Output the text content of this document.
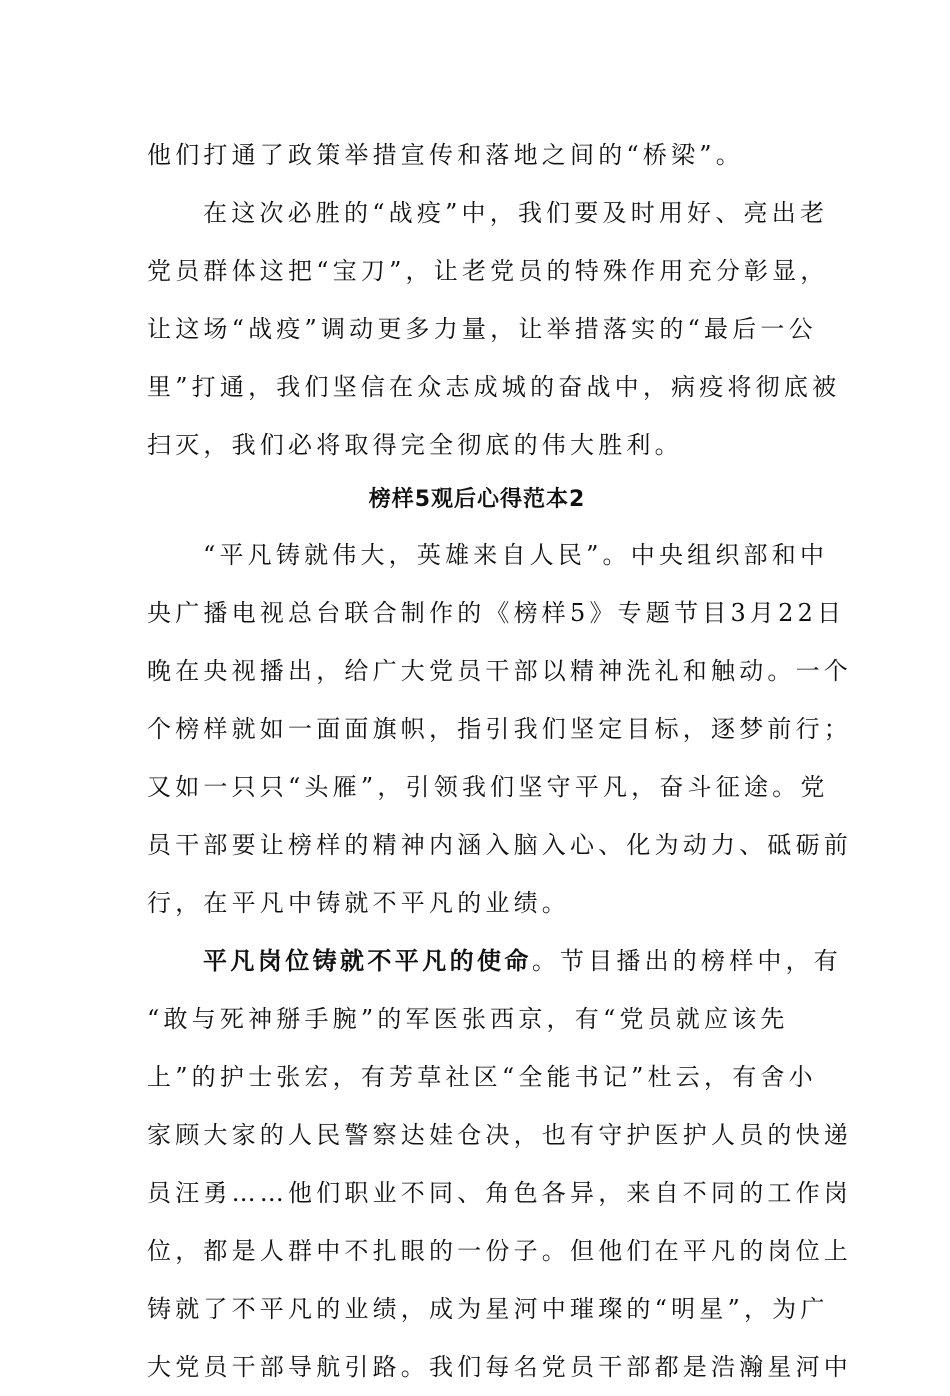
他们打通了政策举措宣传和落地之间的“桥梁”。
在这次必胜的“战疫”中，我们要及时用好、亮出老
党员群体这把“宝刀”，让老党员的特殊作用充分彰显，
让这场“战疫”调动更多力量，让举措落实的“最后一公
里”打通，我们坚信在众志成城的奋战中，病疫将彻底被
扫灭，我们必将取得完全彻底的伟大胜利。
榜样5观后心得范本2
“平凡铸就伟大，英雄来自人民”。中央组织部和中
央广播电视总台联合制作的《榜样5》专题节目3月22日
晚在央视播出，给广大党员干部以精神洗礼和触动。一个
个榜样就如一面面旗帜，指引我们坚定目标，逐梦前行；
又如一只只“头雁”，引领我们坚守平凡，奋斗征途。党
员干部要让榜样的精神内涵入脑入心、化为动力、砥砺前
行，在平凡中铸就不平凡的业绩。
平凡岗位铸就不平凡的使命。节目播出的榜样中，有
“敢与死神掰手腕”的军医张西京，有“党员就应该先
上”的护士张宏，有芳草社区“全能书记”杜云，有舍小
家顾大家的人民警察达娃仓决，也有守护医护人员的快递
员汪勇……他们职业不同、角色各异，来自不同的工作岗
位，都是人群中不扎眼的一份子。但他们在平凡的岗位上
铸就了不平凡的业绩，成为星河中璀璨的“明星”，为广
大党员干部导航引路。我们每名党员干部都是浩瀚星河中
